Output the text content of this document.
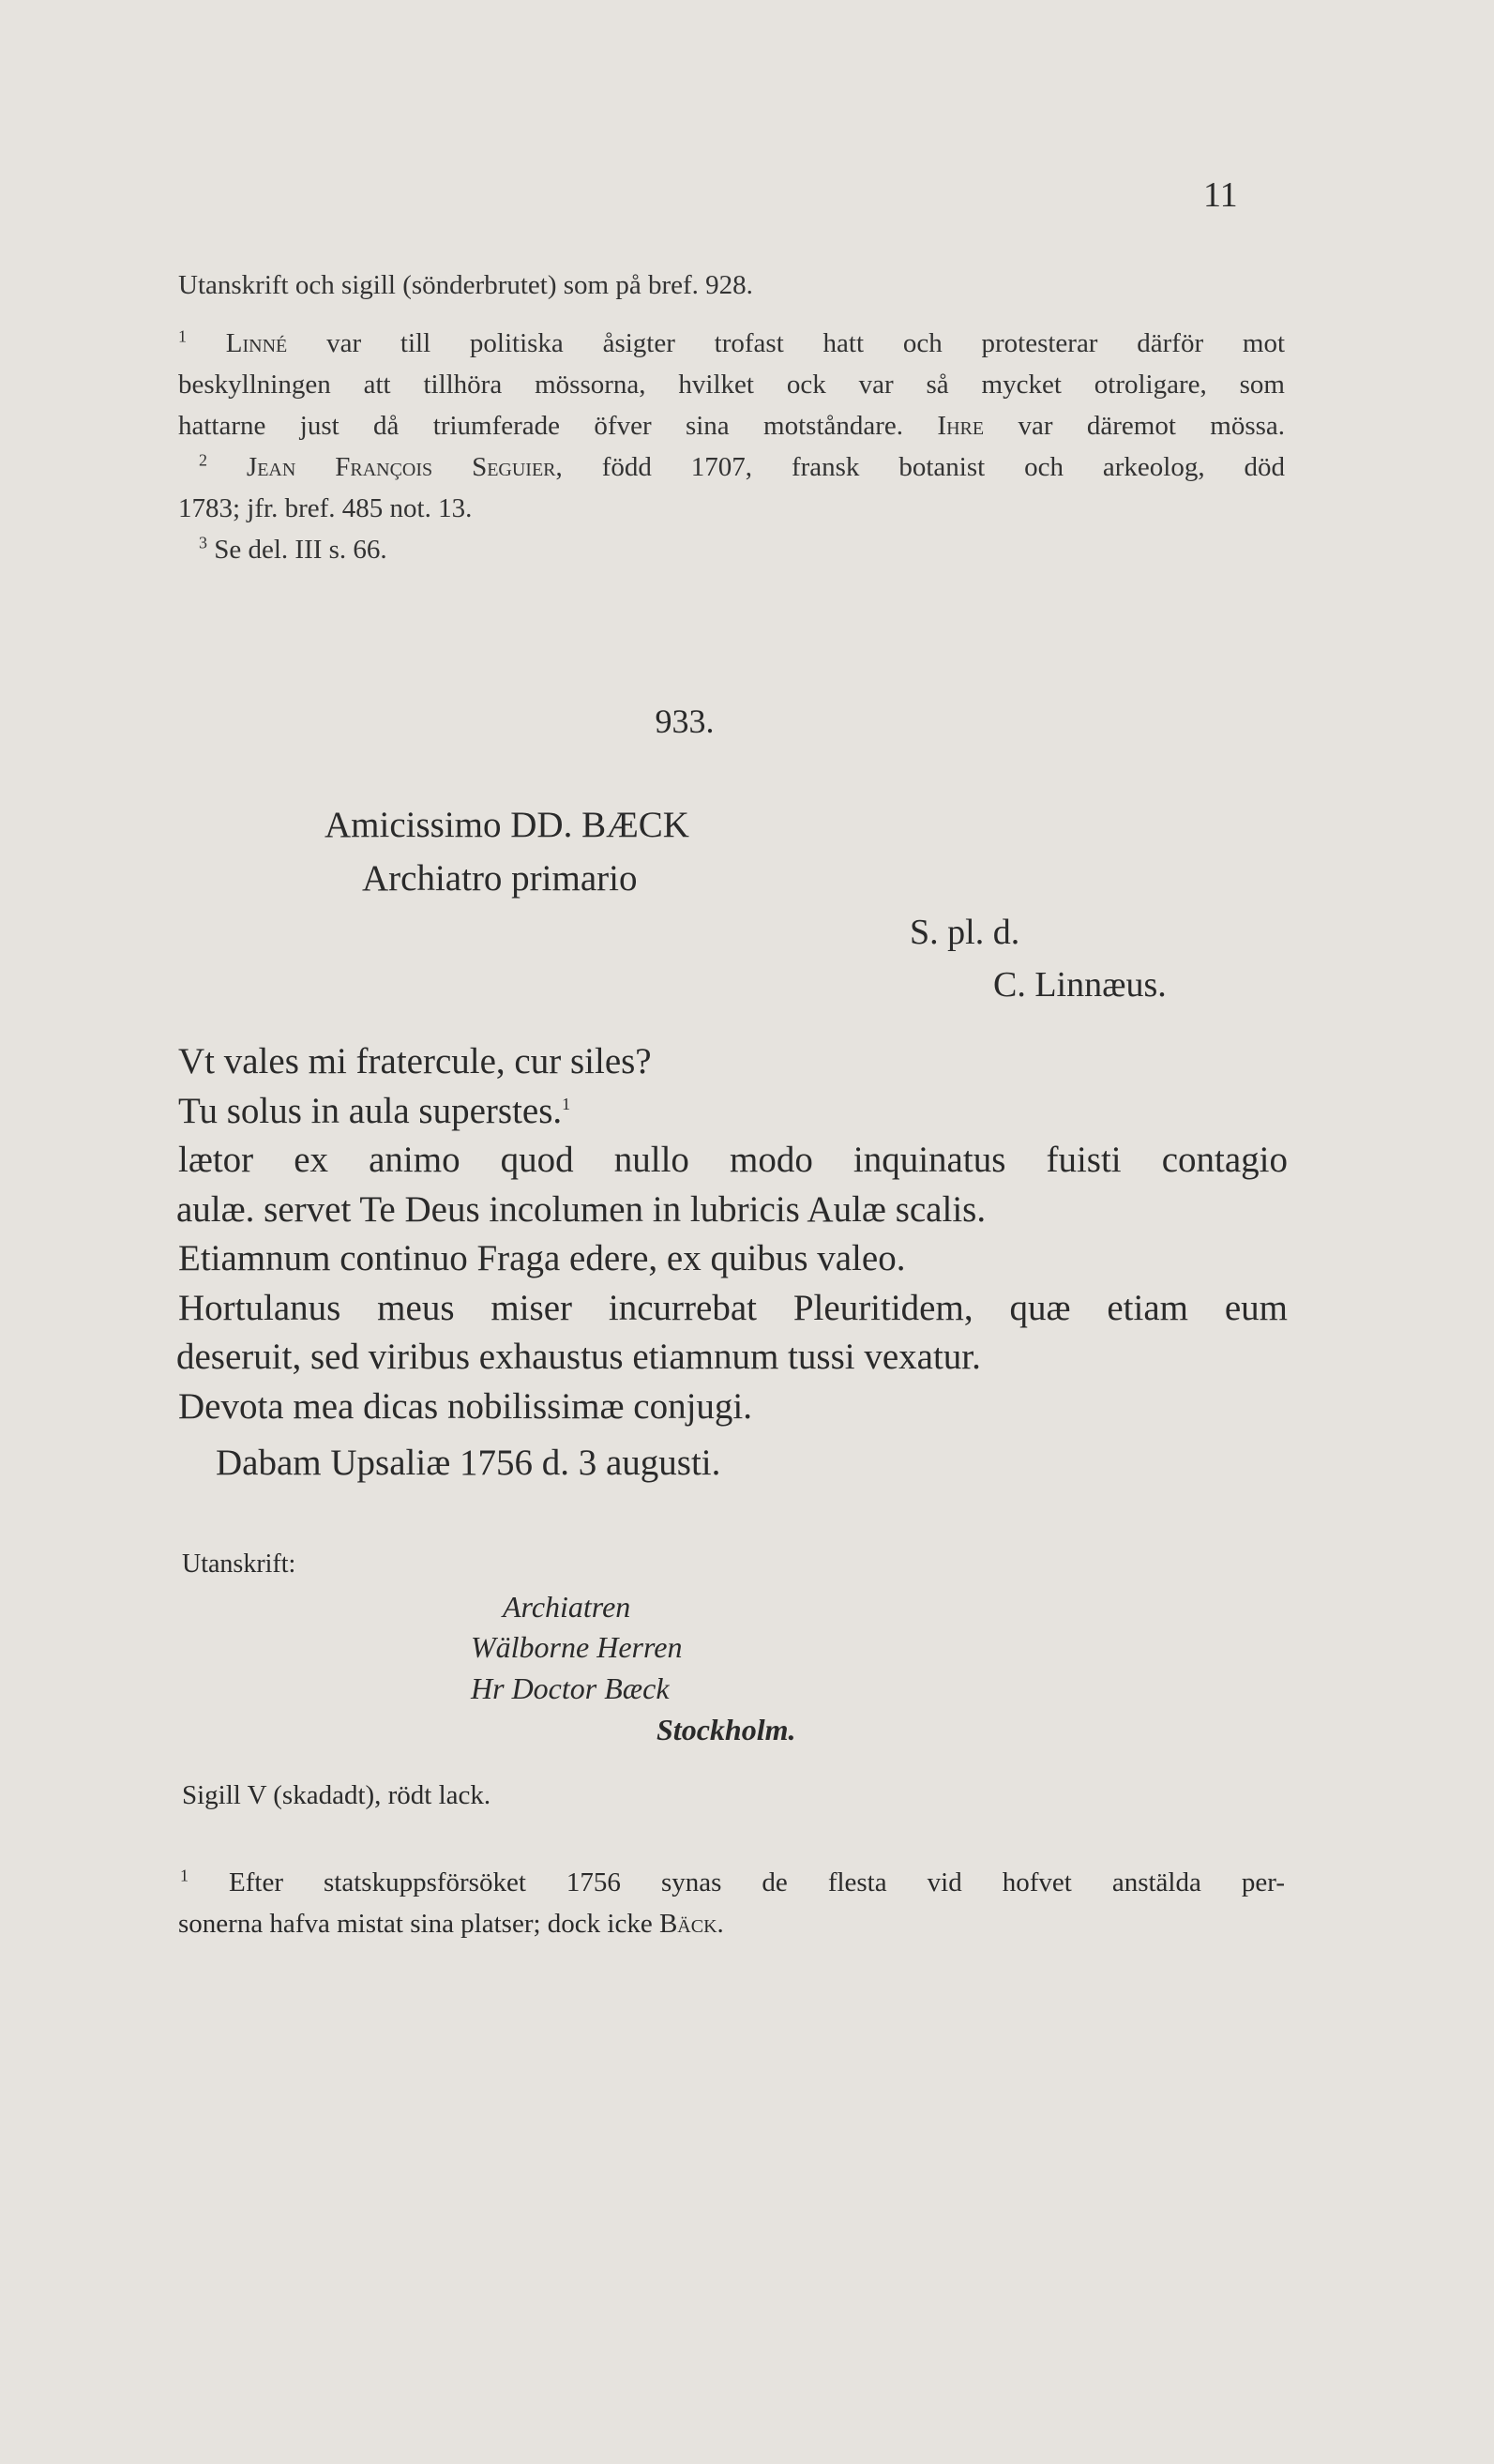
11
Utanskrift och sigill (sönderbrutet) som på bref. 928.
$^1$ Linné var till politiska åsigter trofast hatt och protesterar därför mot
beskyllningen att tillhöra mössorna, hvilket ock var så mycket otroligare, som
hattarne just då triumferade öfver sina motståndare. Ihre var däremot mössa.
$^2$ Jean François Seguier, född 1707, fransk botanist och arkeolog, död
1783; jfr. bref. 485 not. 13.
$^3$ Se del. III s. 66.
933.
Amicissimo DD. BÆCK
Archiatro primario
S. pl. d.
C. Linnæus.
Vt vales mi fratercule, cur siles?
Tu solus in aula superstes.$^1$
lætor ex animo quod nullo modo inquinatus fuisti contagio
aulæ. servet Te Deus incolumen in lubricis Aulæ scalis.
Etiamnum continuo Fraga edere, ex quibus valeo.
Hortulanus meus miser incurrebat Pleuritidem, quæ etiam eum
deseruit, sed viribus exhaustus etiamnum tussi vexatur.
Devota mea dicas nobilissimæ conjugi.
Dabam Upsaliæ 1756 d. 3 augusti.
Utanskrift:
Archiatren
Wälborne Herren
Hr Doctor Bæck
Stockholm.
Sigill V (skadadt), rödt lack.
$^1$ Efter statskuppsförsöket 1756 synas de flesta vid hofvet anstälda per-
sonerna hafva mistat sina platser; dock icke Bäck.
